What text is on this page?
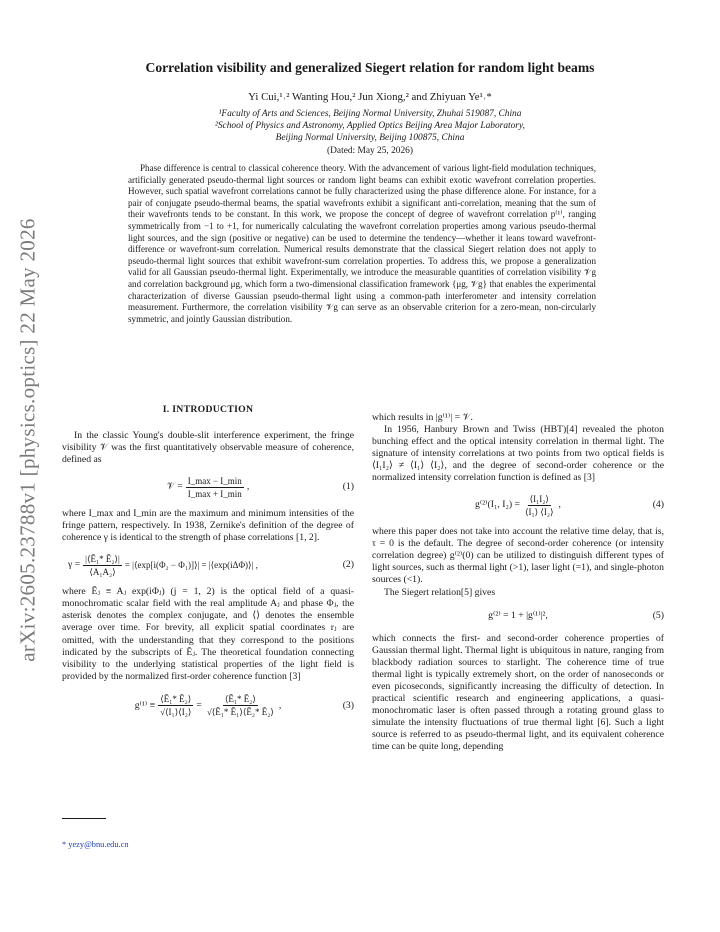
arXiv:2605.23788v1 [physics.optics] 22 May 2026
Correlation visibility and generalized Siegert relation for random light beams
Yi Cui,¹˒² Wanting Hou,² Jun Xiong,² and Zhiyuan Ye¹˒*
¹Faculty of Arts and Sciences, Beijing Normal University, Zhuhai 519087, China
²School of Physics and Astronomy, Applied Optics Beijing Area Major Laboratory,
Beijing Normal University, Beijing 100875, China
(Dated: May 25, 2026)
Phase difference is central to classical coherence theory. With the advancement of various light-field modulation techniques, artificially generated pseudo-thermal light sources or random light beams can exhibit exotic wavefront correlation properties. However, such spatial wavefront correlations cannot be fully characterized using the phase difference alone. For instance, for a pair of conjugate pseudo-thermal beams, the spatial wavefronts exhibit a significant anti-correlation, meaning that the sum of their wavefronts tends to be constant. In this work, we propose the concept of degree of wavefront correlation p⁽¹⁾, ranging symmetrically from −1 to +1, for numerically calculating the wavefront correlation properties among various pseudo-thermal light sources, and the sign (positive or negative) can be used to determine the tendency—whether it leans toward wavefront-difference or wavefront-sum correlation. Numerical results demonstrate that the classical Siegert relation does not apply to pseudo-thermal light sources that exhibit wavefront-sum correlation properties. To address this, we propose a generalization valid for all Gaussian pseudo-thermal light. Experimentally, we introduce the measurable quantities of correlation visibility 𝒱g and correlation background μg, which form a two-dimensional classification framework {μg, 𝒱g} that enables the experimental characterization of diverse Gaussian pseudo-thermal light using a common-path interferometer and intensity correlation measurement. Furthermore, the correlation visibility 𝒱g can serve as an observable criterion for a zero-mean, non-circularly symmetric, and jointly Gaussian distribution.
I. INTRODUCTION

In the classic Young's double-slit interference experiment, the fringe visibility 𝒱 was the first quantitatively observable measure of coherence, defined as

𝒱 = $\frac{I\_\max - I\_\min}{I\_\max + I\_\min}$ ,	(1)

where I_max and I_min are the maximum and minimum intensities of the fringe pattern, respectively. In 1938, Zernike's definition of the degree of coherence γ is identical to the strength of phase correlations [1, 2].

$\gamma = \frac{\text{|⟨Ẽ₁* Ẽ₂⟩|}}{\text{⟨A₁A₂⟩}}$ = |⟨exp[i(Φ₂ − Φ₁)]⟩| = |⟨exp(iΔΦ)⟩| ,	(2)

where Ẽⱼ ≡ Aⱼ exp(iΦⱼ) (j = 1, 2) is the optical field of a quasi-monochromatic scalar field with the real amplitude Aⱼ and phase Φⱼ, the asterisk denotes the complex conjugate, and ⟨⟩ denotes the ensemble average over time. For brevity, all explicit spatial coordinates rⱼ are omitted, with the understanding that they correspond to the positions indicated by the subscripts of Ẽⱼ. The theoretical foundation connecting visibility to the underlying statistical properties of the light field is provided by the normalized first-order coherence function [3]

$g^{(1)} \equiv \frac{\text{⟨Ẽ₁* Ẽ₂⟩}}{\text{√⟨I₁⟩⟨I₂⟩}} = \frac{\text{⟨Ẽ₁* Ẽ₂⟩}}{\text{√⟨Ẽ₁* Ẽ₁⟩⟨Ẽ₂* Ẽ₂⟩}}$ ,	(3)

which results in |g⁽¹⁾| = 𝒱.

In 1956, Hanbury Brown and Twiss (HBT)[4] revealed the photon bunching effect and the optical intensity correlation in thermal light. The signature of intensity correlations at two points from two optical fields is ⟨I₁I₂⟩ ≠ ⟨I₁⟩ ⟨I₂⟩, and the degree of second-order coherence or the normalized intensity correlation function is defined as [3]

g⁽²⁾(I₁, $I_2) = \frac{\text{⟨I₁I₂⟩}}{\text{⟨I₁⟩ ⟨I₂⟩}}$ ,	(4)

where this paper does not take into account the relative time delay, that is, τ = 0 is the default. The degree of second-order coherence (or intensity correlation degree) g⁽²⁾(0) can be utilized to distinguish different types of light sources, such as thermal light (>1), laser light (=1), and single-photon sources (<1).

The Siegert relation[5] gives

g⁽²⁾ = 1 + |g⁽¹⁾|²,	(5)

which connects the first- and second-order coherence properties of Gaussian thermal light. Thermal light is ubiquitous in nature, ranging from blackbody radiation sources to starlight. The coherence time of true thermal light is typically extremely short, on the order of nanoseconds or even picoseconds, significantly increasing the difficulty of detection. In practical scientific research and engineering applications, a quasi-monochromatic laser is often passed through a rotating ground glass to simulate the intensity fluctuations of true thermal light [6]. Such a light source is referred to as pseudo-thermal light, and its equivalent coherence time can be quite long, depending

* yezy@bnu.edu.cn
